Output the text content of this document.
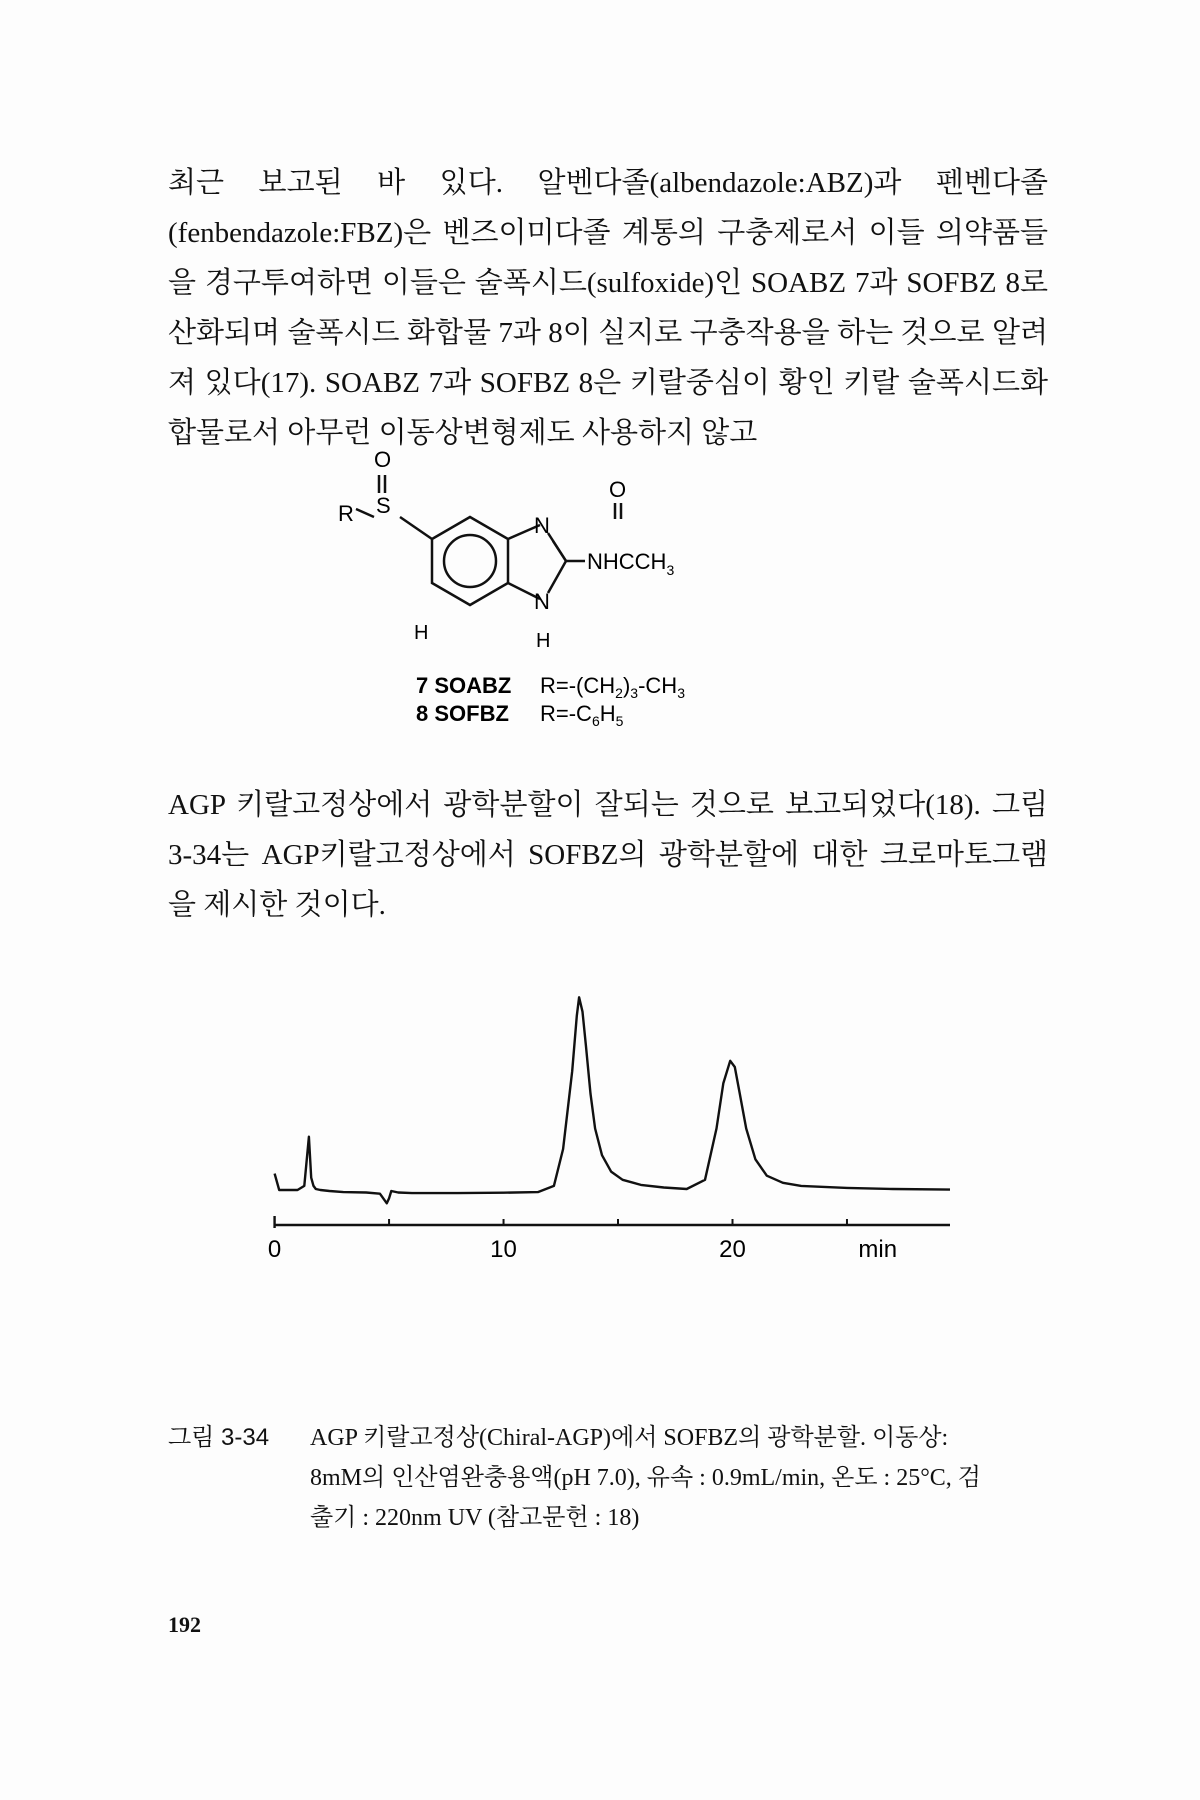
최근 보고된 바 있다. 알벤다졸(albendazole:ABZ)과 펜벤다졸(fenbendazole:FBZ)은 벤즈이미다졸 계통의 구충제로서 이들 의약품들을 경구투여하면 이들은 술폭시드(sulfoxide)인 SOABZ 7과 SOFBZ 8로 산화되며 술폭시드 화합물 7과 8이 실지로 구충작용을 하는 것으로 알려져 있다(17). SOABZ 7과 SOFBZ 8은 키랄중심이 황인 키랄 술폭시드화합물로서 아무런 이동상변형제도 사용하지 않고

O
R S
N
N
H
H
O
$NHCCH_3$
7 SOABZ $R=-(CH_2)_3-CH_3$
8 SOFBZ $R=-C_6H_5$

AGP 키랄고정상에서 광학분할이 잘되는 것으로 보고되었다(18). 그림 3-34는 AGP키랄고정상에서 SOFBZ의 광학분할에 대한 크로마토그램을 제시한 것이다.

0	10	20	min
그림 3-34	AGP 키랄고정상(Chiral-AGP)에서 SOFBZ의 광학분할. 이동상:
8mM의 인산염완충용액(pH 7.0), 유속 : 0.9mL/min, 온도 : 25°C, 검
출기 : 220nm UV (참고문헌 : 18)
192
